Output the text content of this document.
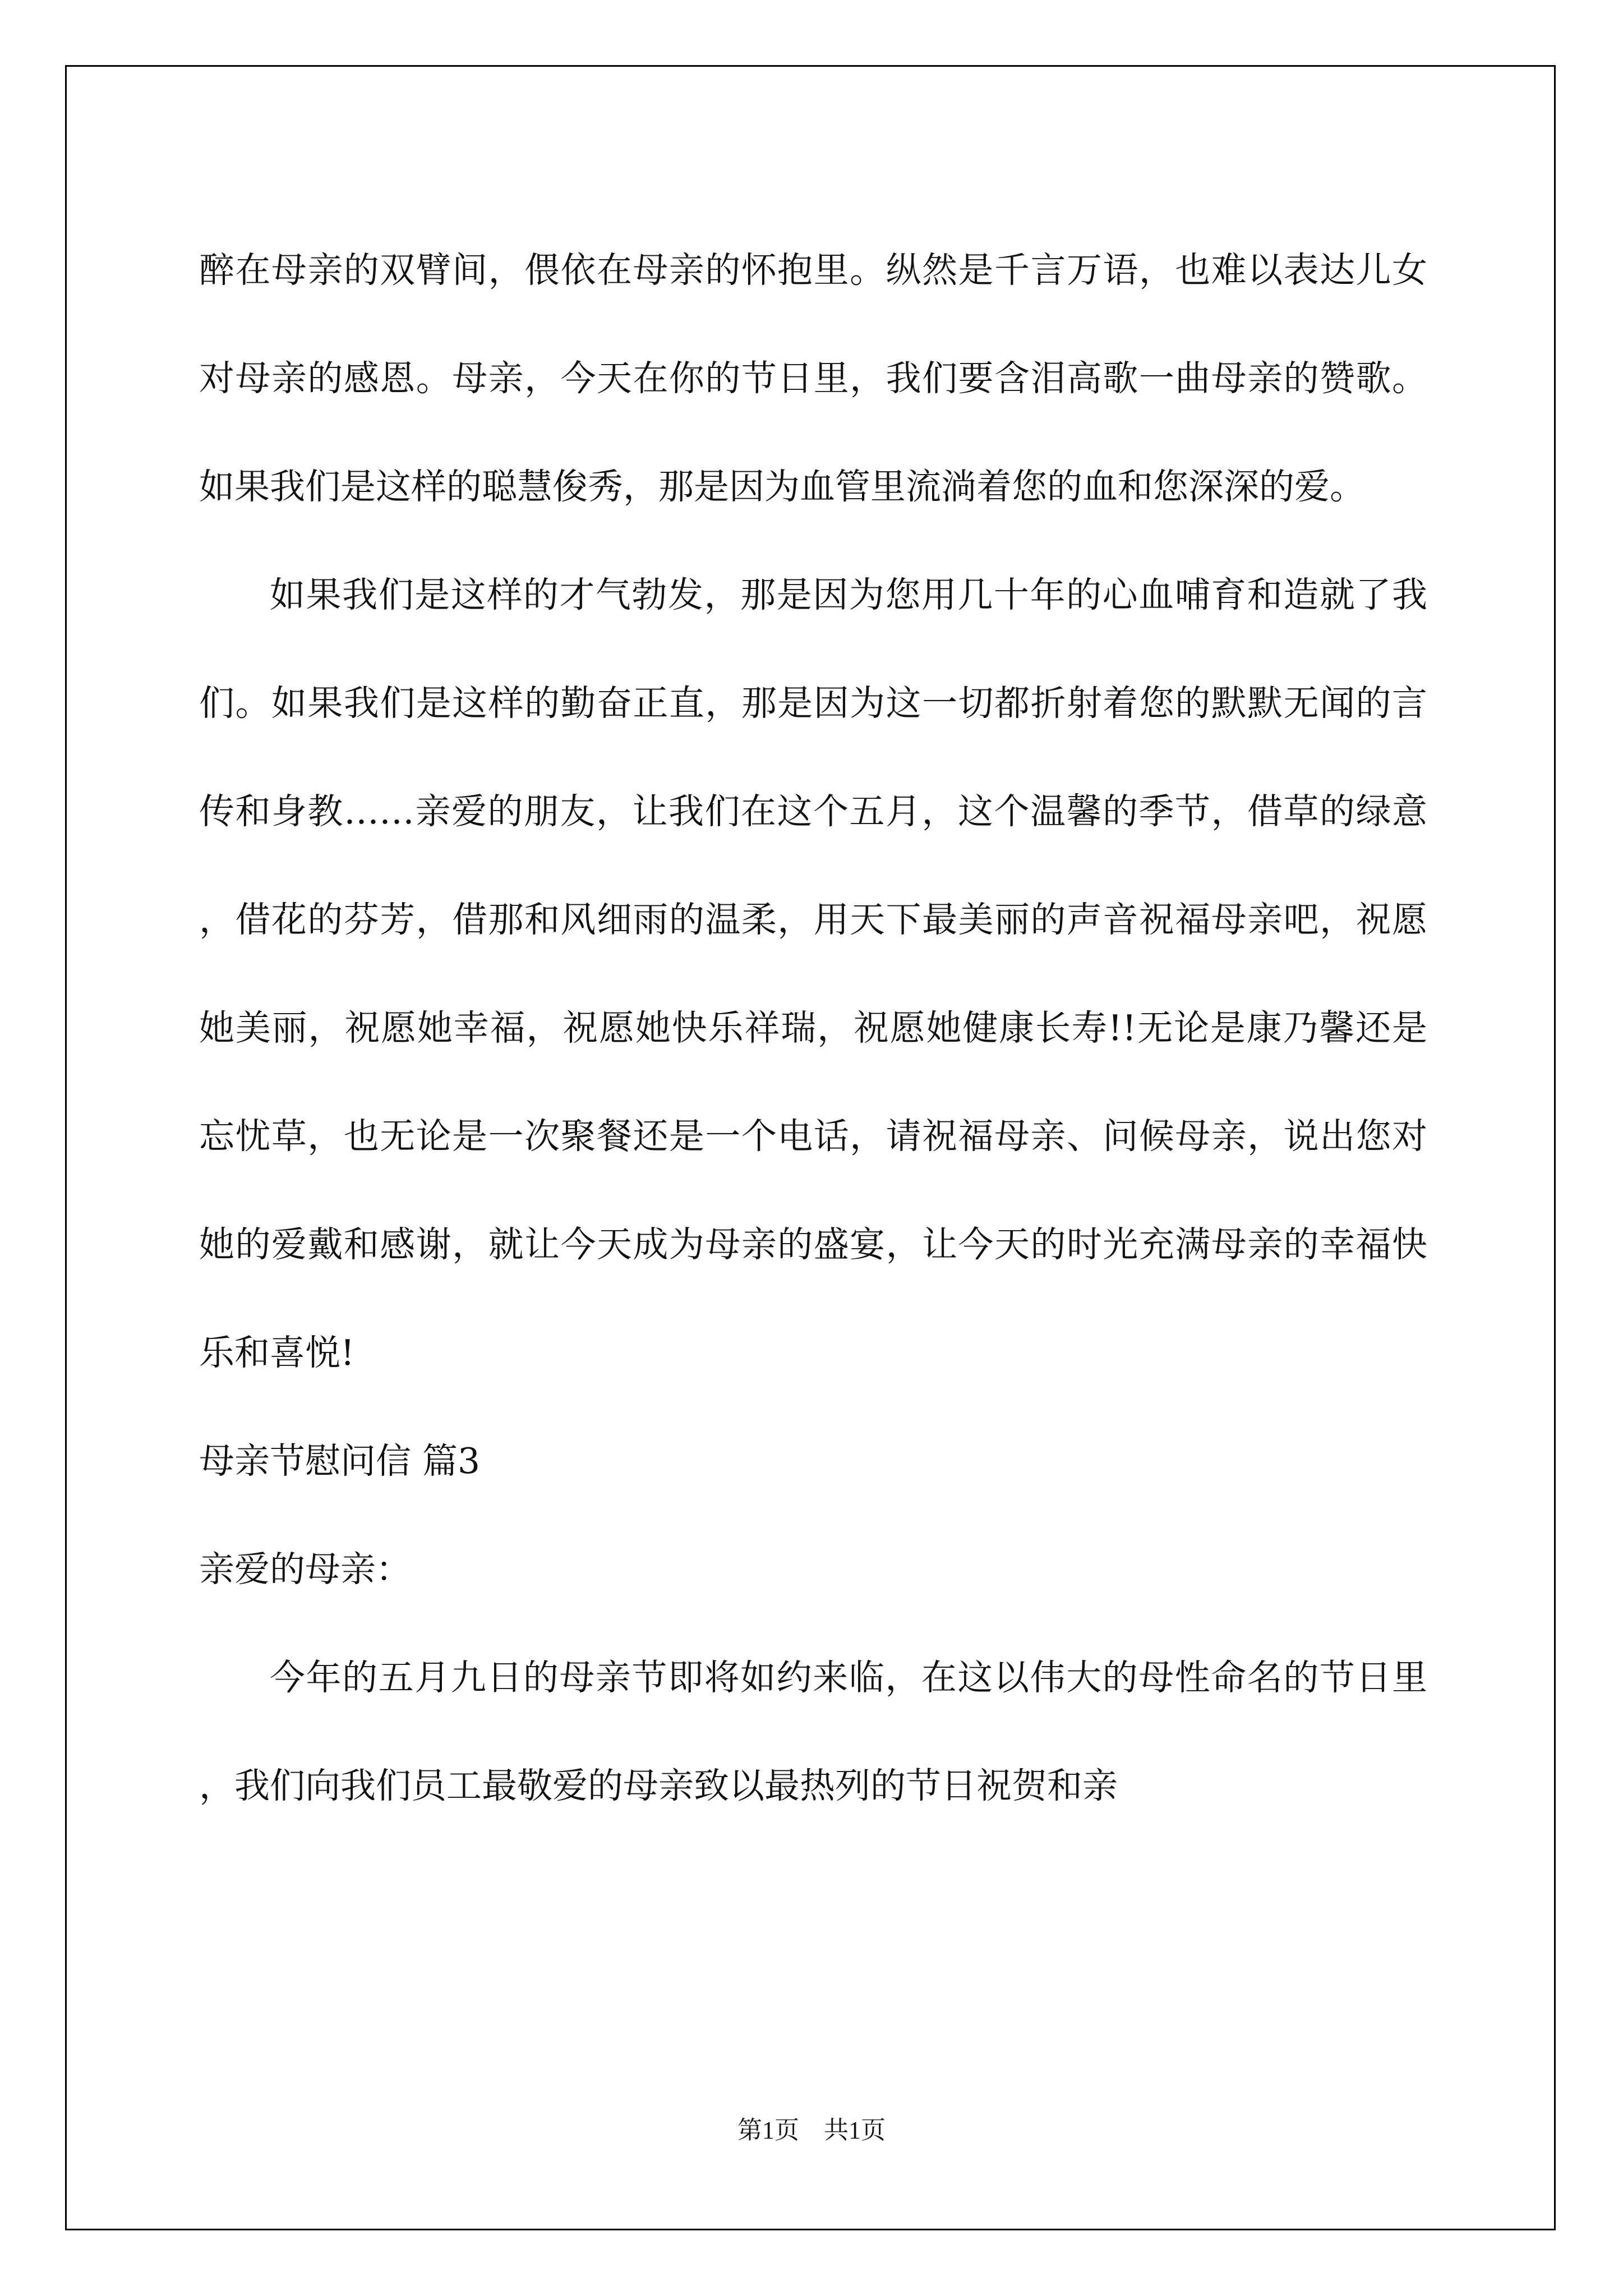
醉在母亲的双臂间，偎依在母亲的怀抱里。纵然是千言万语，也难以表达儿女对母亲的感恩。母亲，今天在你的节日里，我们要含泪高歌一曲母亲的赞歌。如果我们是这样的聪慧俊秀，那是因为血管里流淌着您的血和您深深的爱。

如果我们是这样的才气勃发，那是因为您用几十年的心血哺育和造就了我们。如果我们是这样的勤奋正直，那是因为这一切都折射着您的默默无闻的言传和身教……亲爱的朋友，让我们在这个五月，这个温馨的季节，借草的绿意，借花的芬芳，借那和风细雨的温柔，用天下最美丽的声音祝福母亲吧，祝愿她美丽，祝愿她幸福，祝愿她快乐祥瑞，祝愿她健康长寿!!无论是康乃馨还是忘忧草，也无论是一次聚餐还是一个电话，请祝福母亲、问候母亲，说出您对她的爱戴和感谢，就让今天成为母亲的盛宴，让今天的时光充满母亲的幸福快乐和喜悦!

母亲节慰问信 篇3

亲爱的母亲：

今年的五月九日的母亲节即将如约来临，在这以伟大的母性命名的节日里，我们向我们员工最敬爱的母亲致以最热列的节日祝贺和亲

第1页 共1页
